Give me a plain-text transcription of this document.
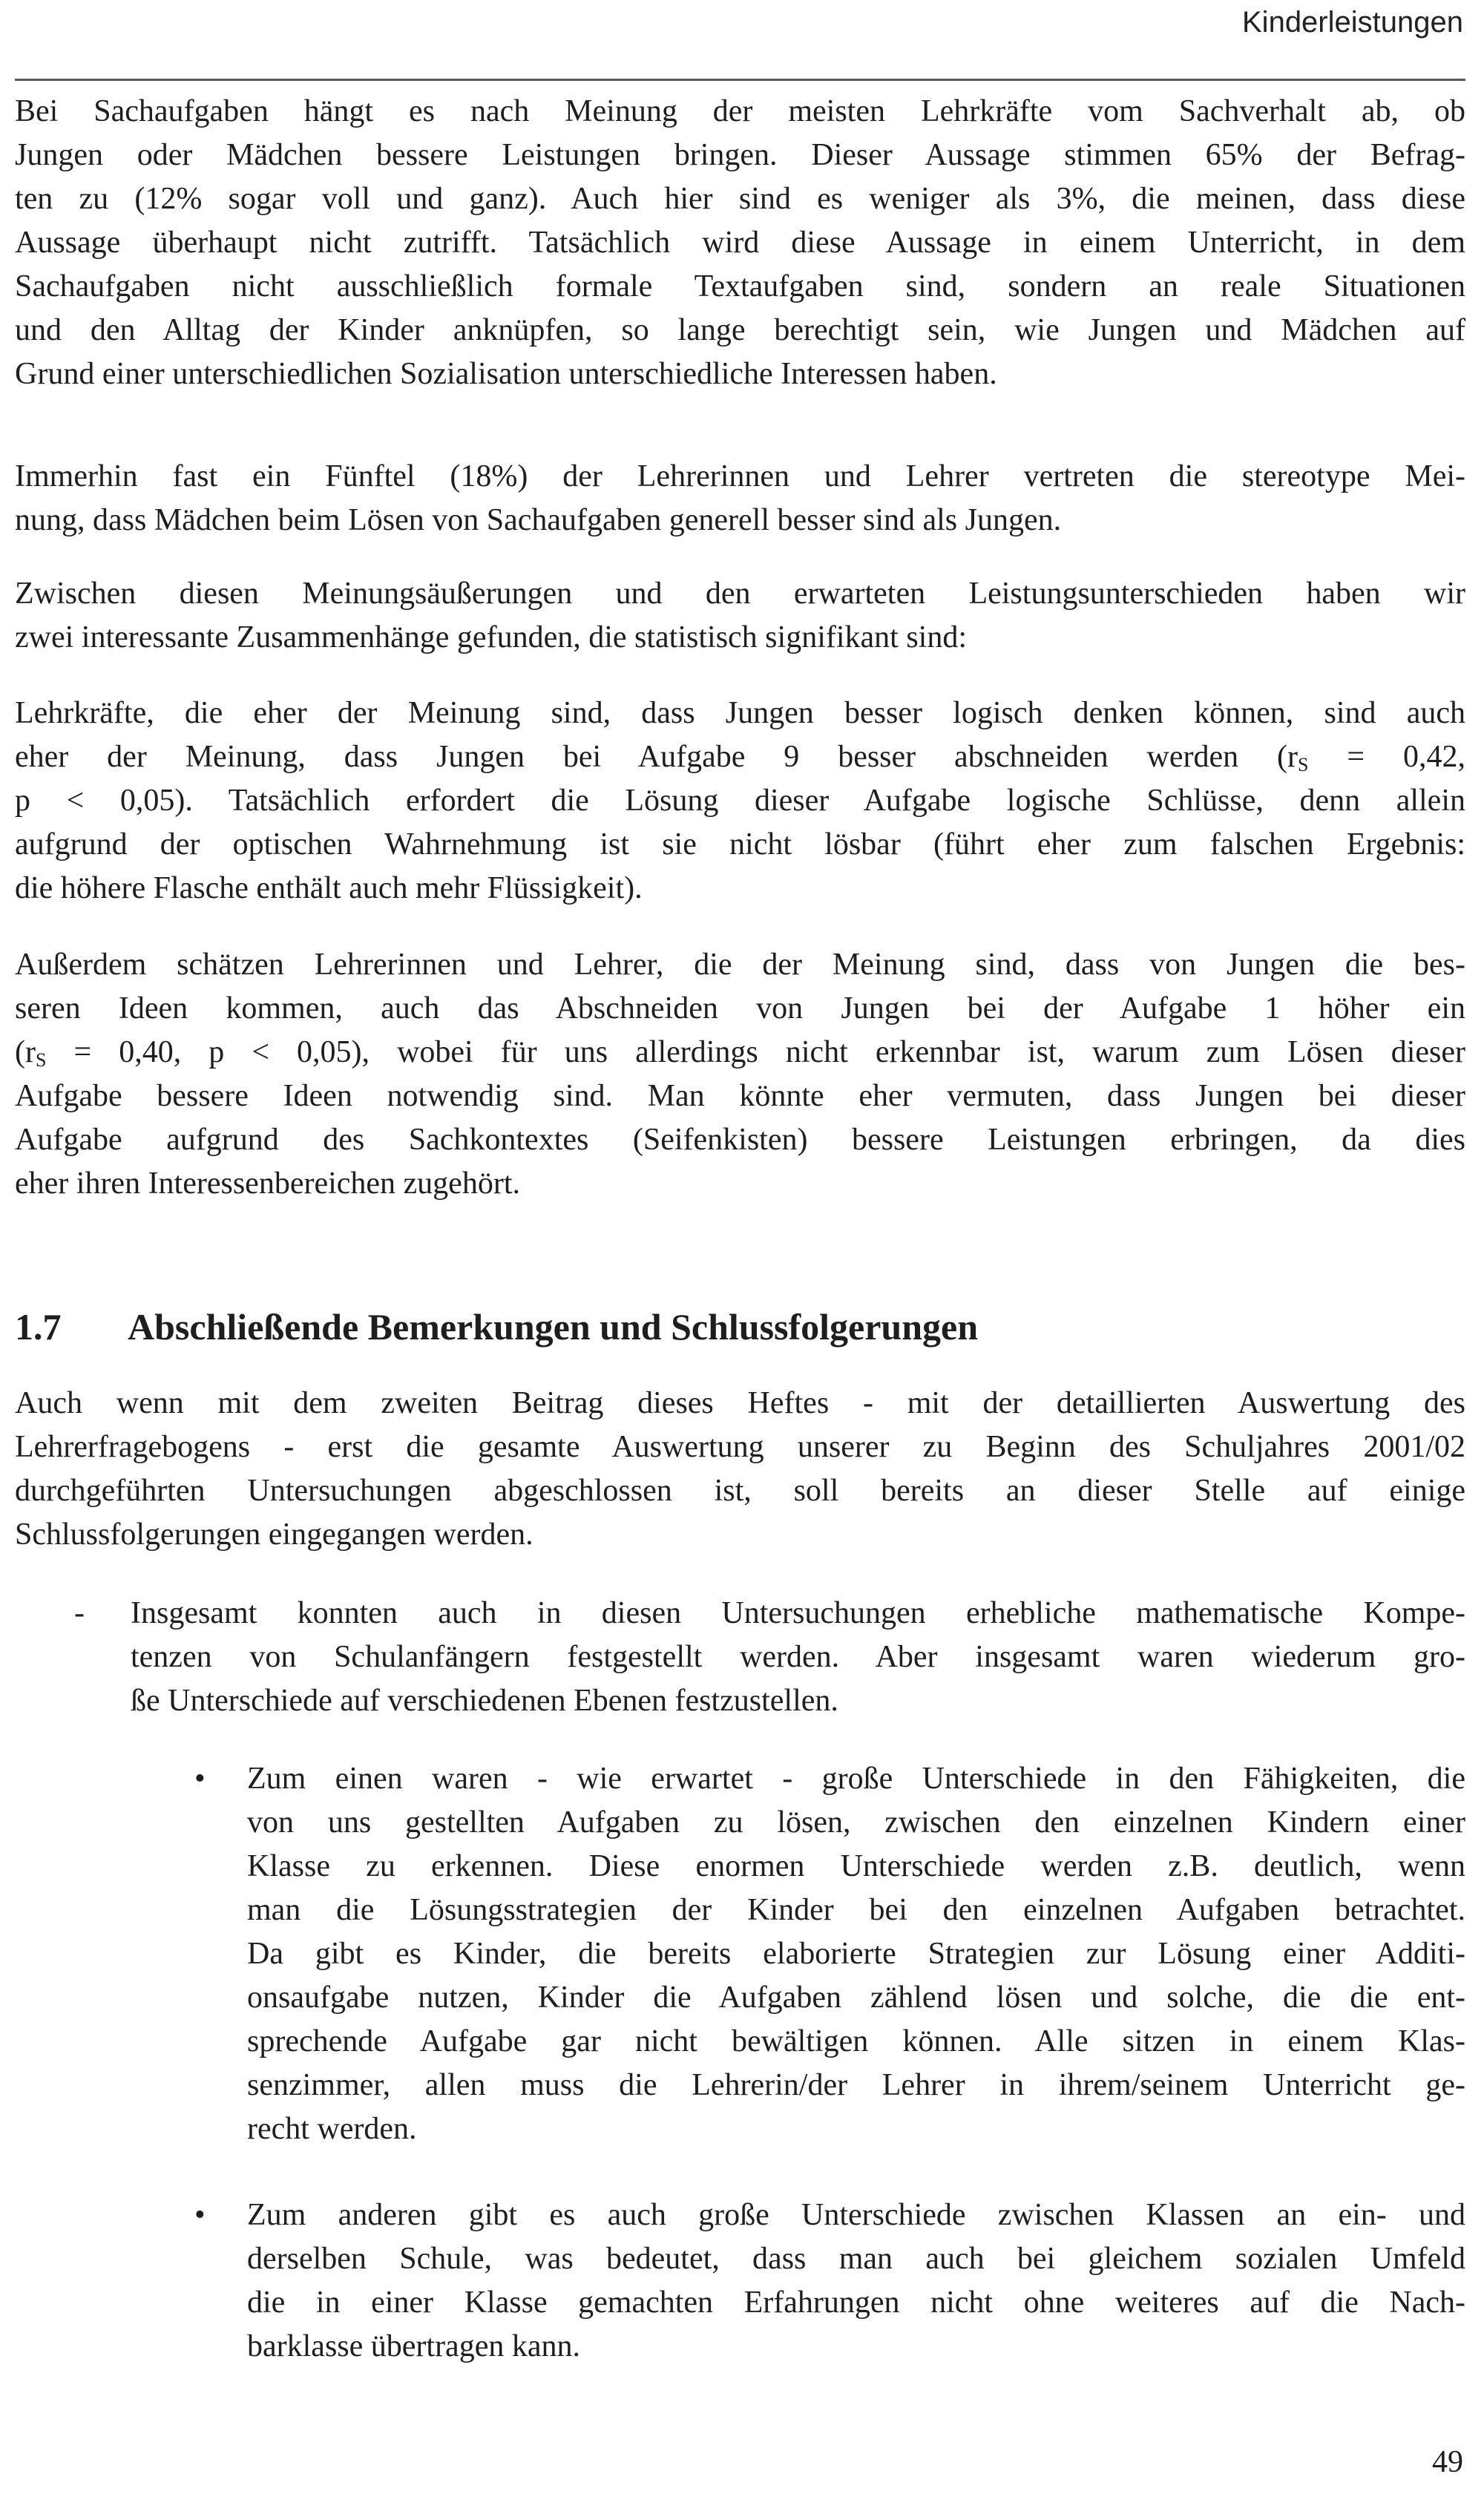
Kinderleistungen
Bei Sachaufgaben hängt es nach Meinung der meisten Lehrkräfte vom Sachverhalt ab, ob
Jungen oder Mädchen bessere Leistungen bringen. Dieser Aussage stimmen 65% der Befrag-
ten zu (12% sogar voll und ganz). Auch hier sind es weniger als 3%, die meinen, dass diese
Aussage überhaupt nicht zutrifft. Tatsächlich wird diese Aussage in einem Unterricht, in dem
Sachaufgaben nicht ausschließlich formale Textaufgaben sind, sondern an reale Situationen
und den Alltag der Kinder anknüpfen, so lange berechtigt sein, wie Jungen und Mädchen auf
Grund einer unterschiedlichen Sozialisation unterschiedliche Interessen haben.
Immerhin fast ein Fünftel (18%) der Lehrerinnen und Lehrer vertreten die stereotype Mei-
nung, dass Mädchen beim Lösen von Sachaufgaben generell besser sind als Jungen.
Zwischen diesen Meinungsäußerungen und den erwarteten Leistungsunterschieden haben wir
zwei interessante Zusammenhänge gefunden, die statistisch signifikant sind:
Lehrkräfte, die eher der Meinung sind, dass Jungen besser logisch denken können, sind auch
eher der Meinung, dass Jungen bei Aufgabe 9 besser abschneiden werden ($r_S = 0,42$,
p < 0,05). Tatsächlich erfordert die Lösung dieser Aufgabe logische Schlüsse, denn allein
aufgrund der optischen Wahrnehmung ist sie nicht lösbar (führt eher zum falschen Ergebnis:
die höhere Flasche enthält auch mehr Flüssigkeit).
Außerdem schätzen Lehrerinnen und Lehrer, die der Meinung sind, dass von Jungen die bes-
seren Ideen kommen, auch das Abschneiden von Jungen bei der Aufgabe 1 höher ein
($r_S = 0,40$, p < 0,05), wobei für uns allerdings nicht erkennbar ist, warum zum Lösen dieser
Aufgabe bessere Ideen notwendig sind. Man könnte eher vermuten, dass Jungen bei dieser
Aufgabe aufgrund des Sachkontextes (Seifenkisten) bessere Leistungen erbringen, da dies
eher ihren Interessenbereichen zugehört.
1.7 Abschließende Bemerkungen und Schlussfolgerungen
Auch wenn mit dem zweiten Beitrag dieses Heftes - mit der detaillierten Auswertung des
Lehrerfragebogens - erst die gesamte Auswertung unserer zu Beginn des Schuljahres 2001/02
durchgeführten Untersuchungen abgeschlossen ist, soll bereits an dieser Stelle auf einige
Schlussfolgerungen eingegangen werden.
- Insgesamt konnten auch in diesen Untersuchungen erhebliche mathematische Kompe-
tenzen von Schulanfängern festgestellt werden. Aber insgesamt waren wiederum gro-
ße Unterschiede auf verschiedenen Ebenen festzustellen.
• Zum einen waren - wie erwartet - große Unterschiede in den Fähigkeiten, die
von uns gestellten Aufgaben zu lösen, zwischen den einzelnen Kindern einer
Klasse zu erkennen. Diese enormen Unterschiede werden z.B. deutlich, wenn
man die Lösungsstrategien der Kinder bei den einzelnen Aufgaben betrachtet.
Da gibt es Kinder, die bereits elaborierte Strategien zur Lösung einer Additi-
onsaufgabe nutzen, Kinder die Aufgaben zählend lösen und solche, die die ent-
sprechende Aufgabe gar nicht bewältigen können. Alle sitzen in einem Klas-
senzimmer, allen muss die Lehrerin/der Lehrer in ihrem/seinem Unterricht ge-
recht werden.
• Zum anderen gibt es auch große Unterschiede zwischen Klassen an ein- und
derselben Schule, was bedeutet, dass man auch bei gleichem sozialen Umfeld
die in einer Klasse gemachten Erfahrungen nicht ohne weiteres auf die Nach-
barklasse übertragen kann.
49
